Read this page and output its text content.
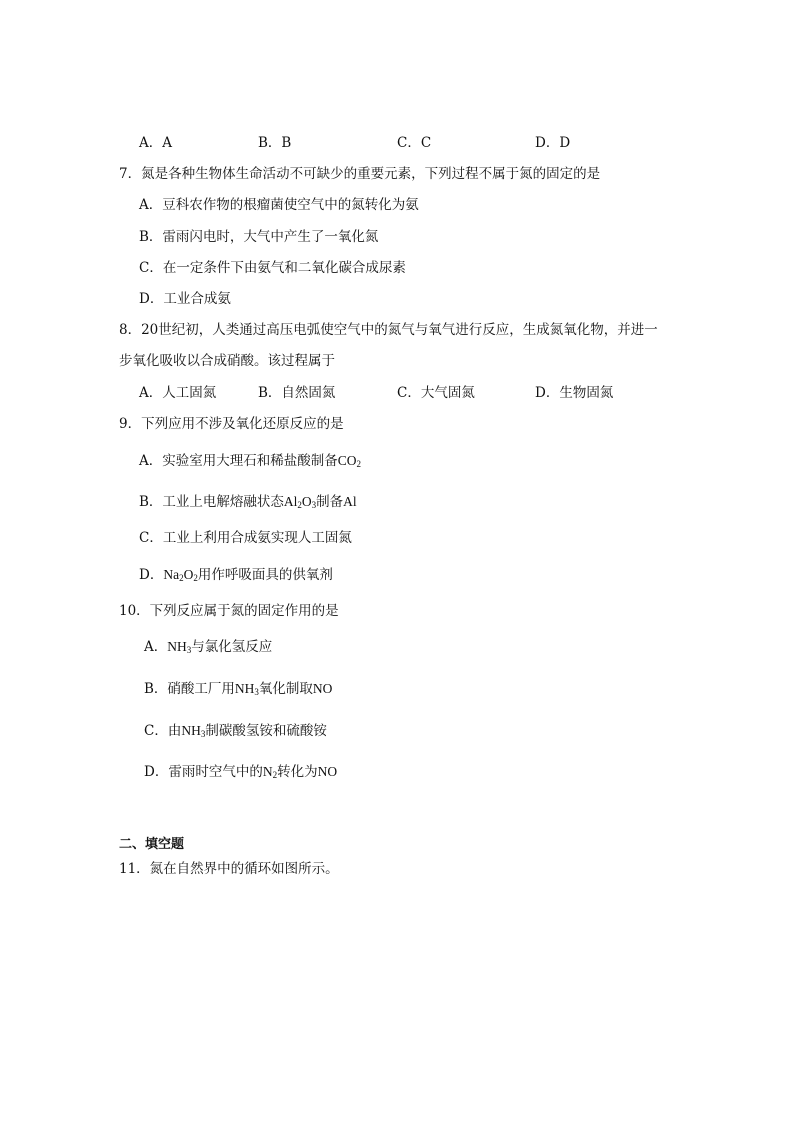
A．A	B．B	C．C	D．D
7．氮是各种生物体生命活动不可缺少的重要元素，下列过程不属于氮的固定的是
A．豆科农作物的根瘤菌使空气中的氮转化为氨
B．雷雨闪电时，大气中产生了一氧化氮
C．在一定条件下由氨气和二氧化碳合成尿素
D．工业合成氨
8．20世纪初，人类通过高压电弧使空气中的氮气与氧气进行反应，生成氮氧化物，并进一
步氧化吸收以合成硝酸。该过程属于
A．人工固氮	B．自然固氮	C．大气固氮	D．生物固氮
9．下列应用不涉及氧化还原反应的是
A．实验室用大理石和稀盐酸制备$CO_2$
B．工业上电解熔融状态$Al_2O_3$制备Al
C．工业上利用合成氨实现人工固氮
D．$Na_2O_2$用作呼吸面具的供氧剂
10．下列反应属于氮的固定作用的是
A．$NH_3$与氯化氢反应
B．硝酸工厂用$NH_3$氧化制取NO
C．由$NH_3$制碳酸氢铵和硫酸铵
D．雷雨时空气中的$N_2$转化为NO
二、填空题
11．氮在自然界中的循环如图所示。
